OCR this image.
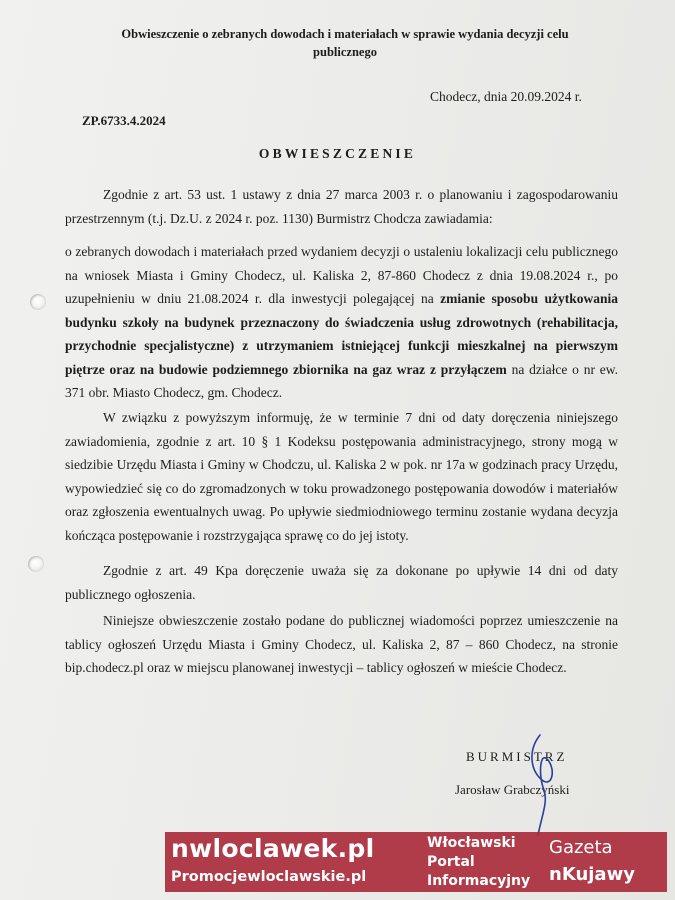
Obwieszczenie o zebranych dowodach i materiałach w sprawie wydania decyzji celu publicznego
Chodecz, dnia 20.09.2024 r.
ZP.6733.4.2024
OBWIESZCZENIE
Zgodnie z art. 53 ust. 1 ustawy z dnia 27 marca 2003 r. o planowaniu i zagospodarowaniu przestrzennym (t.j. Dz.U. z 2024 r. poz. 1130) Burmistrz Chodcza zawiadamia:
o zebranych dowodach i materiałach przed wydaniem decyzji o ustaleniu lokalizacji celu publicznego na wniosek Miasta i Gminy Chodecz, ul. Kaliska 2, 87-860 Chodecz z dnia 19.08.2024 r., po uzupełnieniu w dniu 21.08.2024 r. dla inwestycji polegającej na zmianie sposobu użytkowania budynku szkoły na budynek przeznaczony do świadczenia usług zdrowotnych (rehabilitacja, przychodnie specjalistyczne) z utrzymaniem istniejącej funkcji mieszkalnej na pierwszym piętrze oraz na budowie podziemnego zbiornika na gaz wraz z przyłączem na działce o nr ew. 371 obr. Miasto Chodecz, gm. Chodecz.
W związku z powyższym informuję, że w terminie 7 dni od daty doręczenia niniejszego zawiadomienia, zgodnie z art. 10 § 1 Kodeksu postępowania administracyjnego, strony mogą w siedzibie Urzędu Miasta i Gminy w Chodczu, ul. Kaliska 2 w pok. nr 17a w godzinach pracy Urzędu, wypowiedzieć się co do zgromadzonych w toku prowadzonego postępowania dowodów i materiałów oraz zgłoszenia ewentualnych uwag. Po upływie siedmiodniowego terminu zostanie wydana decyzja kończąca postępowanie i rozstrzygająca sprawę co do jej istoty.
Zgodnie z art. 49 Kpa doręczenie uważa się za dokonane po upływie 14 dni od daty publicznego ogłoszenia.
Niniejsze obwieszczenie zostało podane do publicznej wiadomości poprzez umieszczenie na tablicy ogłoszeń Urzędu Miasta i Gminy Chodecz, ul. Kaliska 2, 87 – 860 Chodecz, na stronie bip.chodecz.pl oraz w miejscu planowanej inwestycji – tablicy ogłoszeń w mieście Chodecz.
BURMISTRZ
Jarosław Grabczyński
nwloclawek.pl
Promocjewloclawskie.pl
Włocławski
Portal
Informacyjny
Gazeta
nKujawy
